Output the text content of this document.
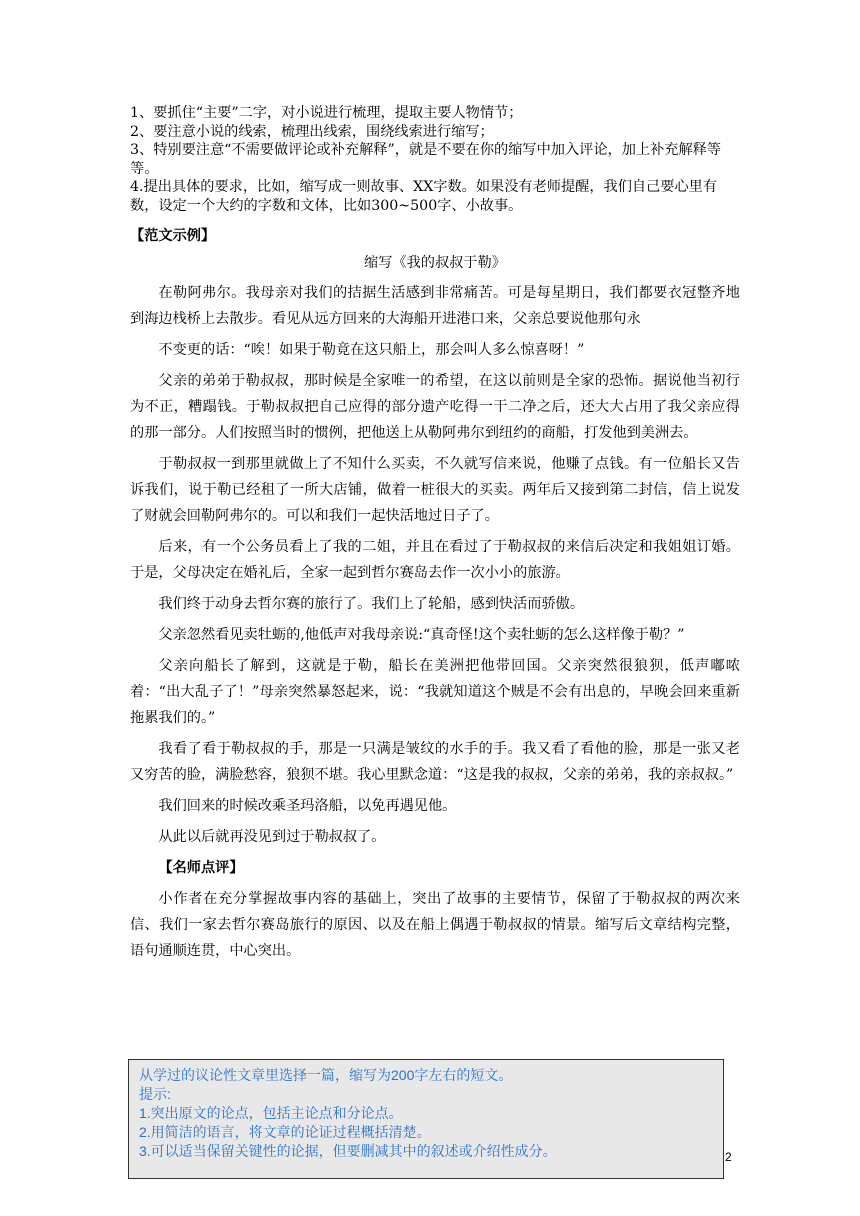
1、要抓住“主要”二字，对小说进行梳理，提取主要人物情节；

2、要注意小说的线索，梳理出线索，围绕线索进行缩写；

3、特别要注意“不需要做评论或补充解释”，就是不要在你的缩写中加入评论，加上补充解释等等。

4.提出具体的要求，比如，缩写成一则故事、XX字数。如果没有老师提醒，我们自己要心里有数，设定一个大约的字数和文体，比如300~500字、小故事。

【范文示例】
缩写《我的叔叔于勒》

在勒阿弗尔。我母亲对我们的拮据生活感到非常痛苦。可是每星期日，我们都要衣冠整齐地到海边栈桥上去散步。看见从远方回来的大海船开进港口来，父亲总要说他那句永

不变更的话：“唉！如果于勒竟在这只船上，那会叫人多么惊喜呀！”

父亲的弟弟于勒叔叔，那时候是全家唯一的希望，在这以前则是全家的恐怖。据说他当初行为不正，糟蹋钱。于勒叔叔把自己应得的部分遗产吃得一干二净之后，还大大占用了我父亲应得的那一部分。人们按照当时的惯例，把他送上从勒阿弗尔到纽约的商船，打发他到美洲去。

于勒叔叔一到那里就做上了不知什么买卖，不久就写信来说，他赚了点钱。有一位船长又告诉我们，说于勒已经租了一所大店铺，做着一桩很大的买卖。两年后又接到第二封信，信上说发了财就会回勒阿弗尔的。可以和我们一起快活地过日子了。

后来，有一个公务员看上了我的二姐，并且在看过了于勒叔叔的来信后决定和我姐姐订婚。于是，父母决定在婚礼后，全家一起到哲尔赛岛去作一次小小的旅游。

我们终于动身去哲尔赛的旅行了。我们上了轮船，感到快活而骄傲。

父亲忽然看见卖牡蛎的,他低声对我母亲说:“真奇怪!这个卖牡蛎的怎么这样像于勒？”

父亲向船长了解到，这就是于勒，船长在美洲把他带回国。父亲突然很狼狈，低声嘟哝着：“出大乱子了！”母亲突然暴怒起来，说：“我就知道这个贼是不会有出息的，早晚会回来重新拖累我们的。”

我看了看于勒叔叔的手，那是一只满是皱纹的水手的手。我又看了看他的脸，那是一张又老又穷苦的脸，满脸愁容，狼狈不堪。我心里默念道：“这是我的叔叔，父亲的弟弟，我的亲叔叔。”

我们回来的时候改乘圣玛洛船，以免再遇见他。

从此以后就再没见到过于勒叔叔了。

【名师点评】

小作者在充分掌握故事内容的基础上，突出了故事的主要情节，保留了于勒叔叔的两次来信、我们一家去哲尔赛岛旅行的原因、以及在船上偶遇于勒叔叔的情景。缩写后文章结构完整，语句通顺连贯，中心突出。

从学过的议论性文章里选择一篇，缩写为200字左右的短文。

提示:

1.突出原文的论点，包括主论点和分论点。

2.用简洁的语言，将文章的论证过程概括清楚。

3.可以适当保留关键性的论据，但要删减其中的叙述或介绍性成分。	2
